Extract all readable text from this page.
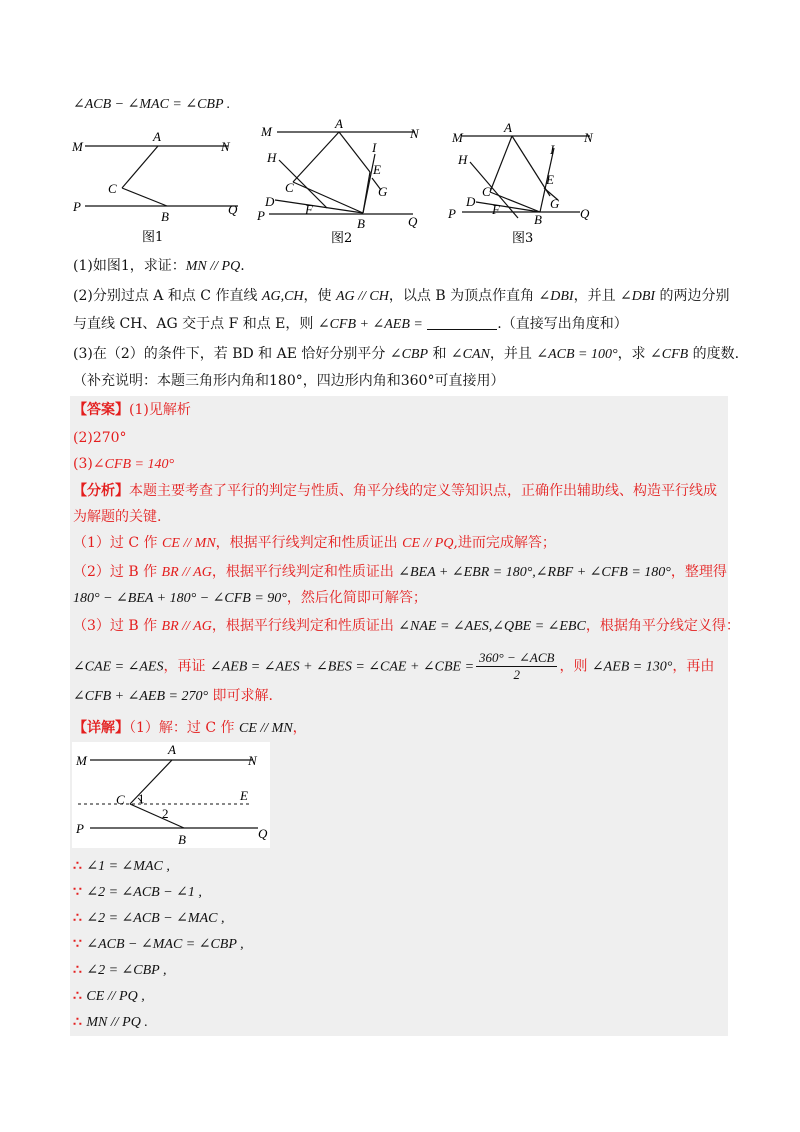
∠ACB − ∠MAC = ∠CBP .
M	N
A
C
P
B	Q
图1
M	N
A
H
I
E
G
C
D
F
P
B	Q
图2
M	N
A
H
I
E
G
C
D
F
P	B	Q
图3
(1)如图1，求证：MN // PQ.
(2)分别过点 A 和点 C 作直线 AG,CH，使 AG // CH，以点 B 为顶点作直角 ∠DBI，并且 ∠DBI 的两边分别
与直线 CH、AG 交于点 F 和点 E，则 ∠CFB + ∠AEB =	.（直接写出角度和）
(3)在（2）的条件下，若 BD 和 AE 恰好分别平分 ∠CBP 和 ∠CAN，并且 ∠ACB = 100°，求 ∠CFB 的度数.
（补充说明：本题三角形内角和180°，四边形内角和360°可直接用）
【答案】(1)见解析
(2)270°
(3)∠CFB = 140°
【分析】本题主要考查了平行的判定与性质、角平分线的定义等知识点，正确作出辅助线、构造平行线成
为解题的关键.
（1）过 C 作 CE // MN，根据平行线判定和性质证出 CE // PQ,进而完成解答；
（2）过 B 作 BR // AG，根据平行线判定和性质证出 ∠BEA + ∠EBR = 180°,∠RBF + ∠CFB = 180°，整理得
180° − ∠BEA + 180° − ∠CFB = 90°，然后化简即可解答；
（3）过 B 作 BR // AG，根据平行线判定和性质证出 ∠NAE = ∠AES,∠QBE = ∠EBC，根据角平分线定义得：
∠CAE = ∠AES，再证 ∠AEB = ∠AES + ∠BES = ∠CAE + ∠CBE = $\frac{\text{360° − ∠ACB}}{2}$ ，则 ∠AEB = 130°，再由
∠CFB + ∠AEB = 270° 即可求解.
【详解】（1）解：过 C 作 CE // MN，
M	N
A
C 1
2
E
P
B	Q
∴ ∠1 = ∠MAC ,
∵ ∠2 = ∠ACB − ∠1 ,
∴ ∠2 = ∠ACB − ∠MAC ,
∵ ∠ACB − ∠MAC = ∠CBP ,
∴ ∠2 = ∠CBP ,
∴ CE // PQ ,
∴ MN // PQ .
